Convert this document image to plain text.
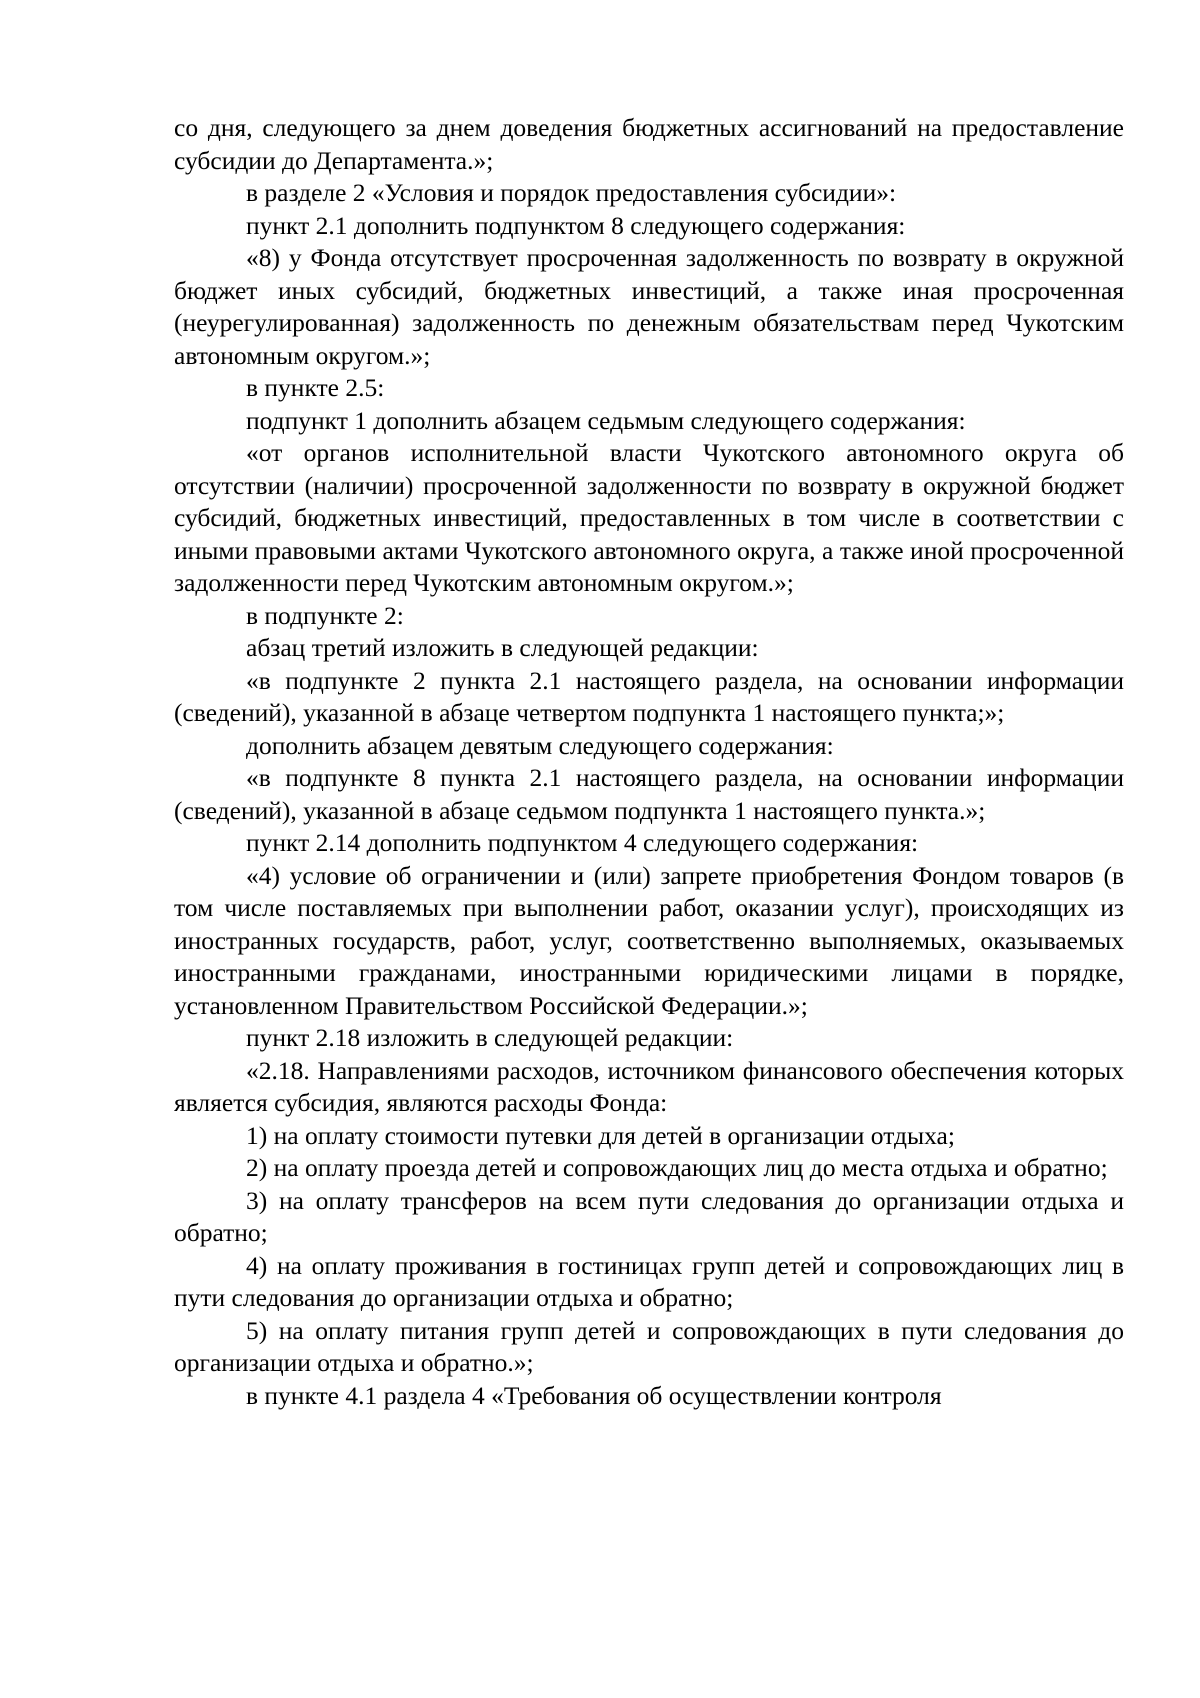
со дня, следующего за днем доведения бюджетных ассигнований на предоставление субсидии до Департамента.»;

в разделе 2 «Условия и порядок предоставления субсидии»:

пункт 2.1 дополнить подпунктом 8 следующего содержания:

«8) у Фонда отсутствует просроченная задолженность по возврату в окружной бюджет иных субсидий, бюджетных инвестиций, а также иная просроченная (неурегулированная) задолженность по денежным обязательствам перед Чукотским автономным округом.»;

в пункте 2.5:

подпункт 1 дополнить абзацем седьмым следующего содержания:

«от органов исполнительной власти Чукотского автономного округа об отсутствии (наличии) просроченной задолженности по возврату в окружной бюджет субсидий, бюджетных инвестиций, предоставленных в том числе в соответствии с иными правовыми актами Чукотского автономного округа, а также иной просроченной задолженности перед Чукотским автономным округом.»;

в подпункте 2:

абзац третий изложить в следующей редакции:

«в подпункте 2 пункта 2.1 настоящего раздела, на основании информации (сведений), указанной в абзаце четвертом подпункта 1 настоящего пункта;»;

дополнить абзацем девятым следующего содержания:

«в подпункте 8 пункта 2.1 настоящего раздела, на основании информации (сведений), указанной в абзаце седьмом подпункта 1 настоящего пункта.»;

пункт 2.14 дополнить подпунктом 4 следующего содержания:

«4) условие об ограничении и (или) запрете приобретения Фондом товаров (в том числе поставляемых при выполнении работ, оказании услуг), происходящих из иностранных государств, работ, услуг, соответственно выполняемых, оказываемых иностранными гражданами, иностранными юридическими лицами в порядке, установленном Правительством Российской Федерации.»;

пункт 2.18 изложить в следующей редакции:

«2.18. Направлениями расходов, источником финансового обеспечения которых является субсидия, являются расходы Фонда:

1) на оплату стоимости путевки для детей в организации отдыха;

2) на оплату проезда детей и сопровождающих лиц до места отдыха и обратно;

3) на оплату трансферов на всем пути следования до организации отдыха и обратно;

4) на оплату проживания в гостиницах групп детей и сопровождающих лиц в пути следования до организации отдыха и обратно;

5) на оплату питания групп детей и сопровождающих в пути следования до организации отдыха и обратно.»;

в пункте 4.1 раздела 4 «Требования об осуществлении контроля
